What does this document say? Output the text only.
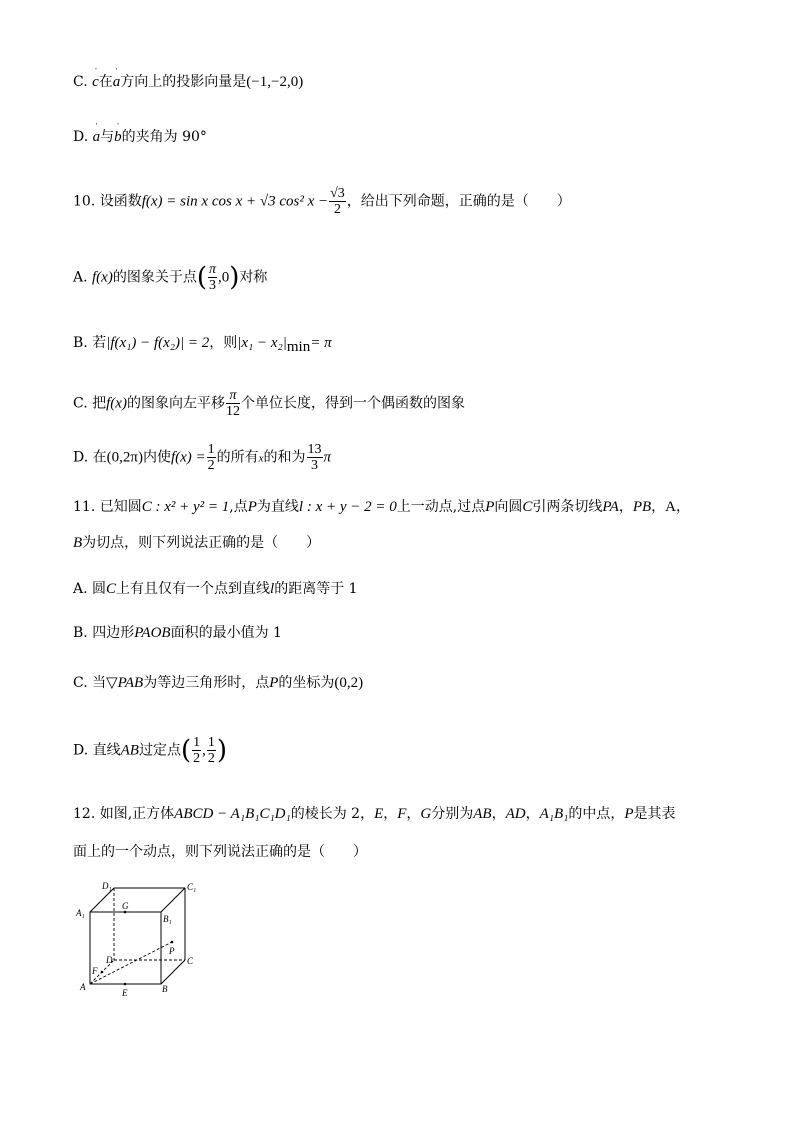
C. ˈ c在ˈ a方向上的投影向量是(−1,−2,0)
D. ˈ a与ˈ b的夹角为 90°
10. 设函数f(x) = sin x cos x + √3 cos² $x - \frac{√3}{2}$ ，给出下列命题，正确的是（　　）
A. f(x)的图象关于点( $\frac{\pi}{3} ,0$)对称
B. 若|f(x₁) − f(x₂)| = 2，则$|x_1 - x_2|_{min}= \pi$
C. 把f(x)的图象向左平移 $\frac{\pi}{12}$ 个单位长度，得到一个偶函数的图象
D. 在(0,2π)内使$f(x) = \frac{1}{2}$ 的所有x的和为 $\frac{13}{3}$ π
11. 已知圆C : x² + y² = 1,点P为直线l : x + y − 2 = 0上一动点,过点P向圆C引两条切线PA，PB，A，
B为切点，则下列说法正确的是（　　）
A. 圆C上有且仅有一个点到直线l的距离等于 1
B. 四边形PAOB面积的最小值为 1
C. 当▽PAB为等边三角形时，点P的坐标为(0,2)
D. 直线AB过定点( $\frac{1}{2}$ , $\frac{1}{2}$ )
12. 如图,正方体ABCD − A₁B₁C₁D₁的棱长为 2，E，F，G分别为AB，AD，A₁B₁的中点，P是其表
面上的一个动点，则下列说法正确的是（　　）
D₁	C₁
A₁
B₁
G
D	C
P
F
A
E	B
